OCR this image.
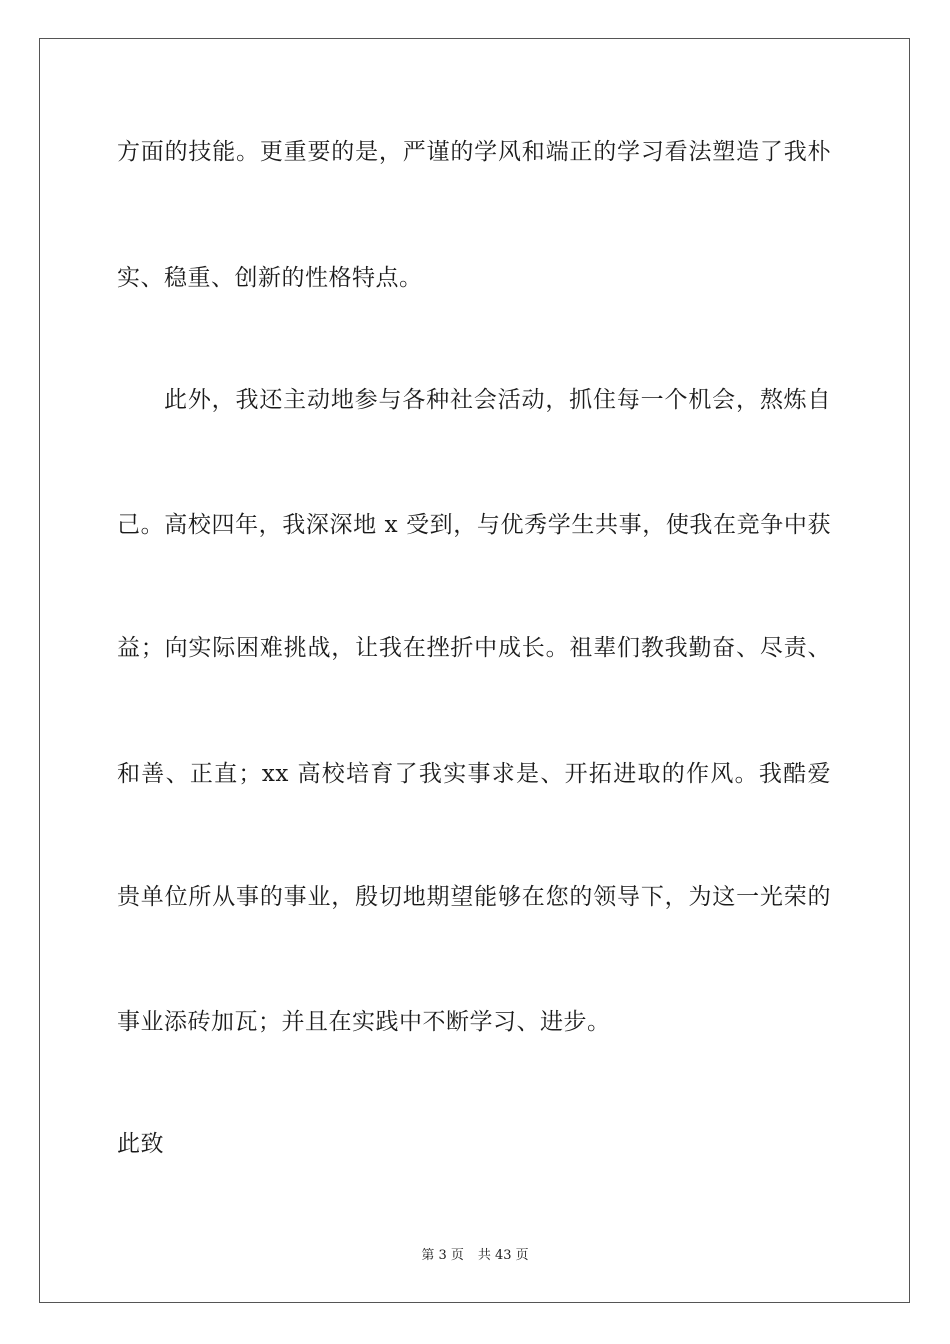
方面的技能。更重要的是，严谨的学风和端正的学习看法塑造了我朴
实、稳重、创新的性格特点。
此外，我还主动地参与各种社会活动，抓住每一个机会，熬炼自
己。高校四年，我深深地 x 受到，与优秀学生共事，使我在竞争中获
益；向实际困难挑战，让我在挫折中成长。祖辈们教我勤奋、尽责、
和善、正直；xx 高校培育了我实事求是、开拓进取的作风。我酷爱
贵单位所从事的事业，殷切地期望能够在您的领导下，为这一光荣的
事业添砖加瓦；并且在实践中不断学习、进步。
此致
第 3 页 共 43 页
